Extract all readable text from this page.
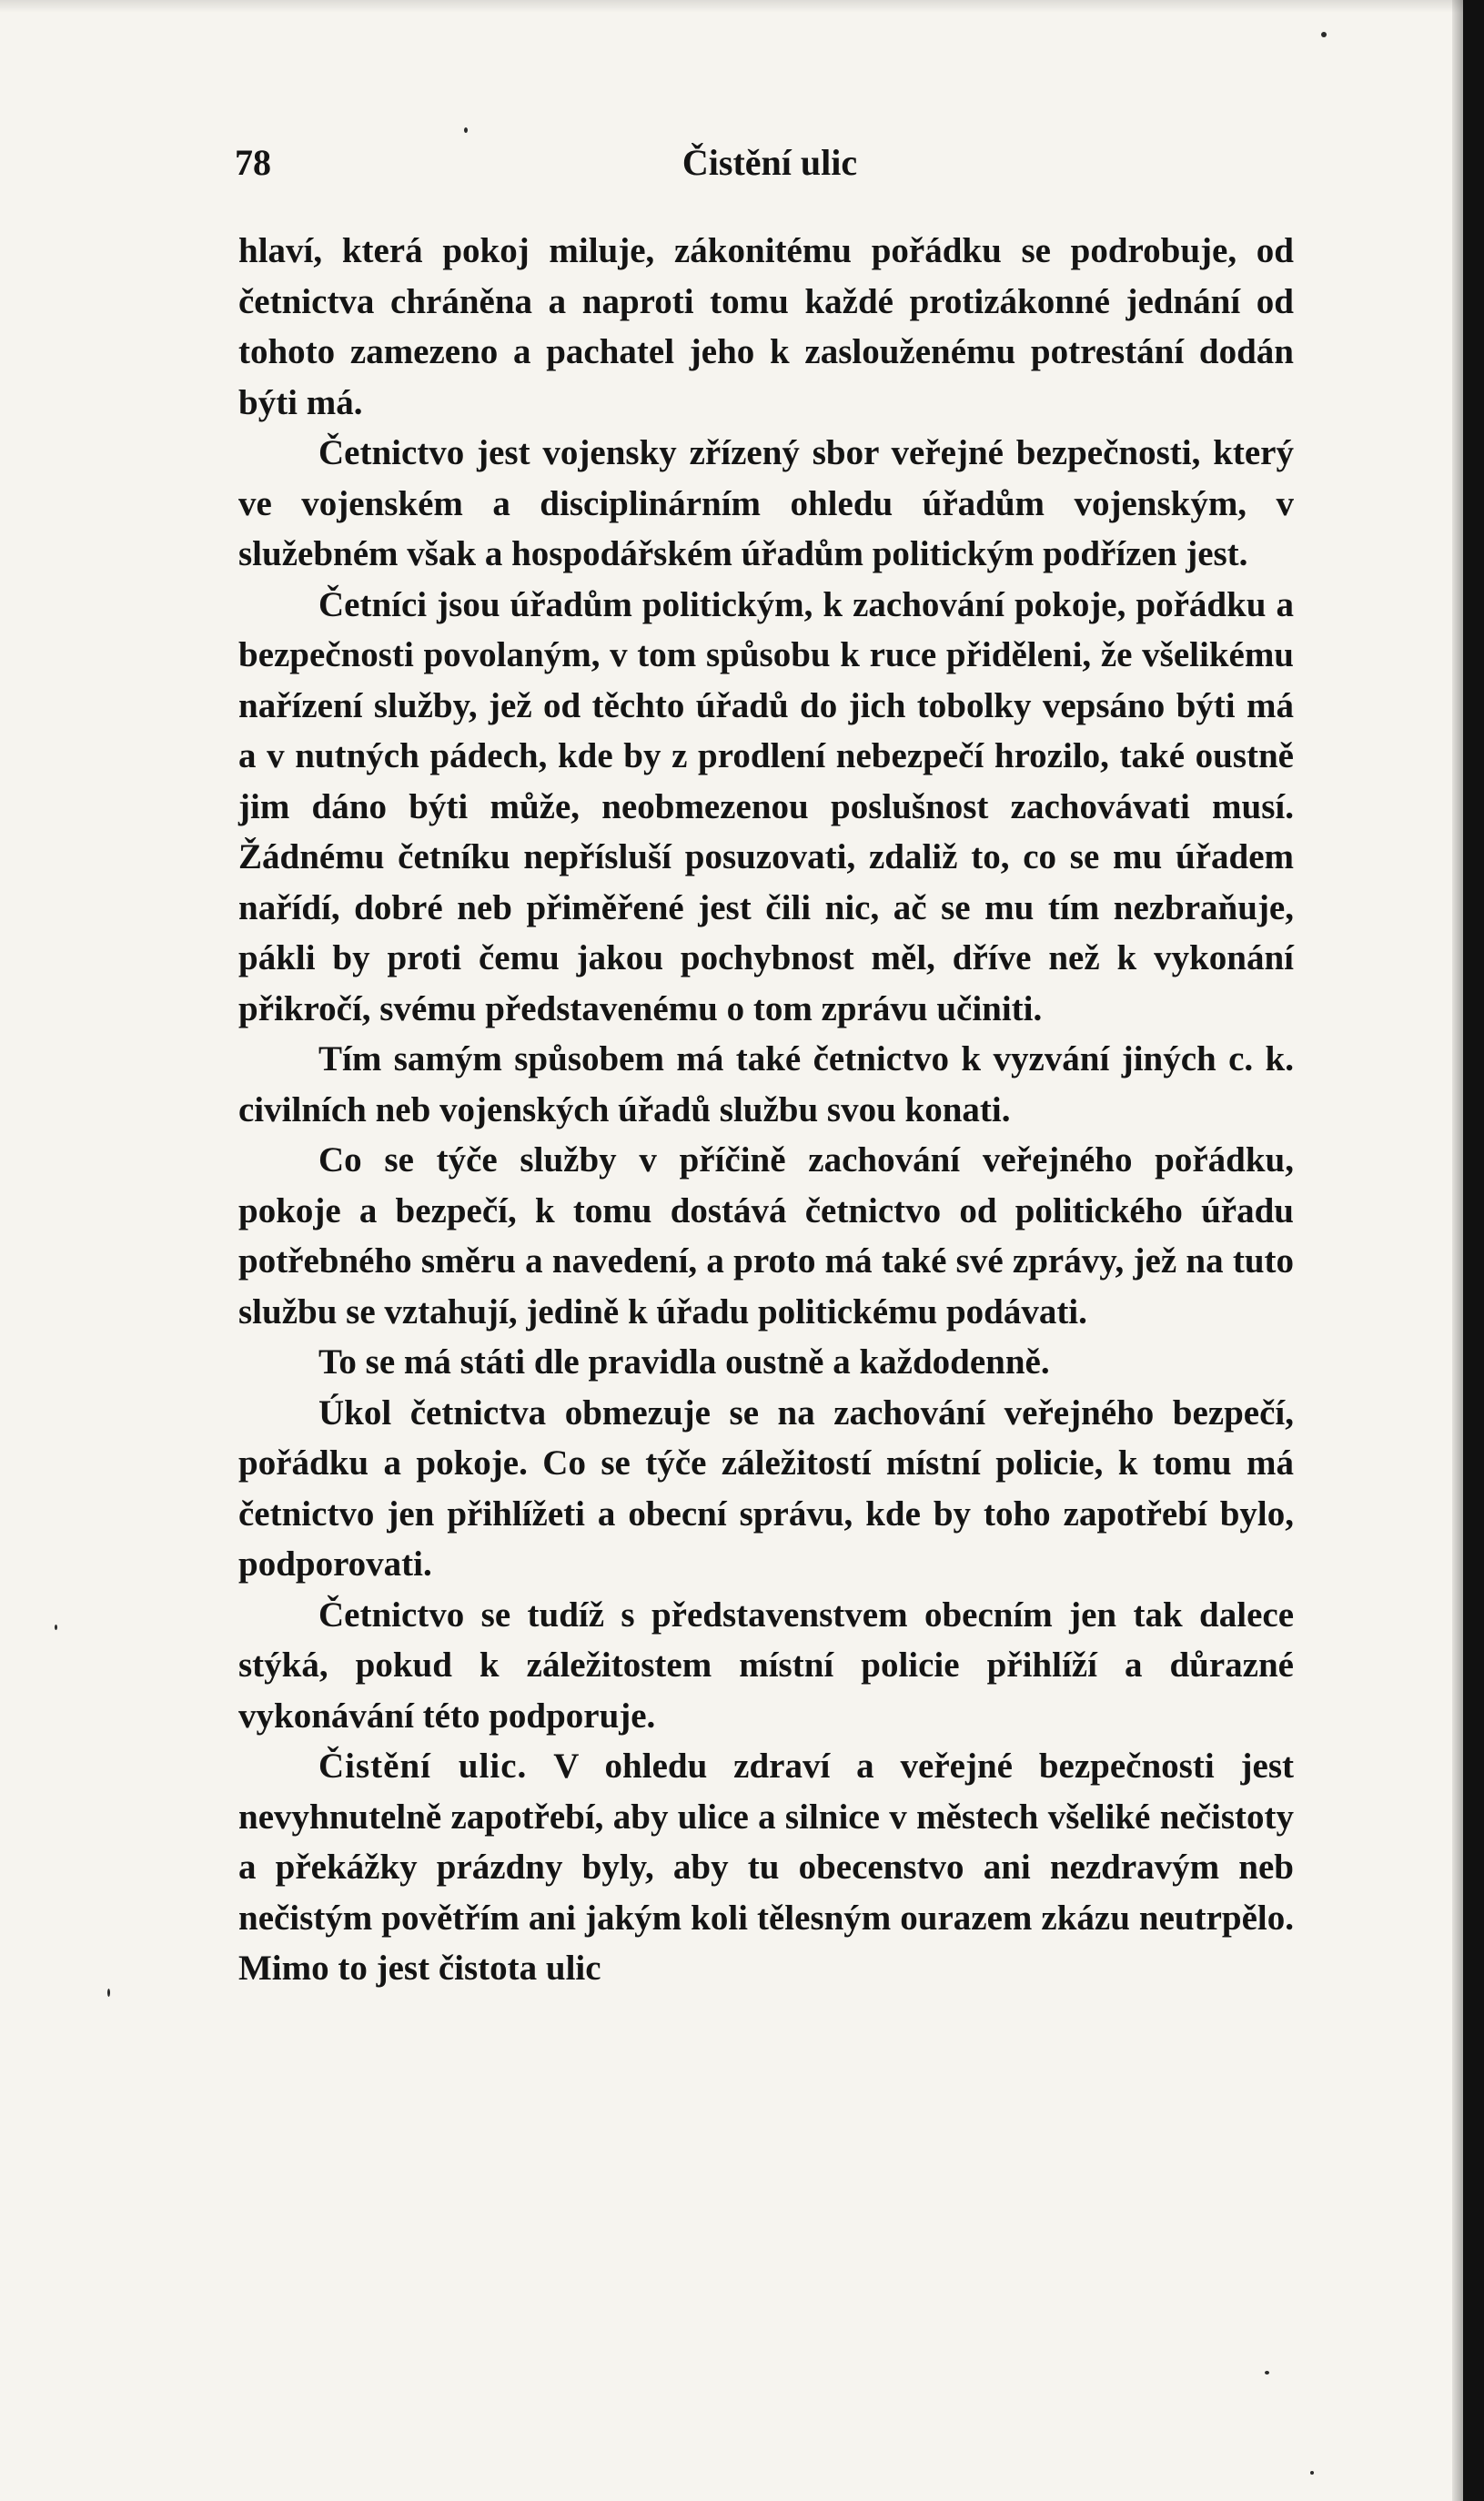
78	Čistění ulic

hlaví, která pokoj miluje, zákonitému pořádku se podrobuje, od četnictva chráněna a naproti tomu každé protizákonné jednání od tohoto zamezeno a pachatel jeho k zaslouženému potrestání dodán býti má.

Četnictvo jest vojensky zřízený sbor veřejné bezpečnosti, který ve vojenském a disciplinárním ohledu úřadům vojenským, v služebném však a hospodářském úřadům politickým podřízen jest.

Četníci jsou úřadům politickým, k zachování pokoje, pořádku a bezpečnosti povolaným, v tom spůsobu k ruce přiděleni, že všelikému nařízení služby, jež od těchto úřadů do jich tobolky vepsáno býti má a v nutných pádech, kde by z prodlení nebezpečí hrozilo, také oustně jim dáno býti může, neobmezenou poslušnost zachovávati musí. Žádnému četníku nepřísluší posuzovati, zdaliž to, co se mu úřadem nařídí, dobré neb přiměřené jest čili nic, ač se mu tím nezbraňuje, pákli by proti čemu jakou pochybnost měl, dříve než k vykonání přikročí, svému představenému o tom zprávu učiniti.

Tím samým spůsobem má také četnictvo k vyzvání jiných c. k. civilních neb vojenských úřadů službu svou konati.

Co se týče služby v příčině zachování veřejného pořádku, pokoje a bezpečí, k tomu dostává četnictvo od politického úřadu potřebného směru a navedení, a proto má také své zprávy, jež na tuto službu se vztahují, jedině k úřadu politickému podávati.

To se má státi dle pravidla oustně a každodenně.

Úkol četnictva obmezuje se na zachování veřejného bezpečí, pořádku a pokoje. Co se týče záležitostí místní policie, k tomu má četnictvo jen přihlížeti a obecní správu, kde by toho zapotřebí bylo, podporovati.

Četnictvo se tudíž s představenstvem obecním jen tak dalece stýká, pokud k záležitostem místní policie přihlíží a důrazné vykonávání této podporuje.

Čistění ulic. V ohledu zdraví a veřejné bezpečnosti jest nevyhnutelně zapotřebí, aby ulice a silnice v městech všeliké nečistoty a překážky prázdny byly, aby tu obecenstvo ani nezdravým neb nečistým povětřím ani jakým koli tělesným ourazem zkázu neutrpělo. Mimo to jest čistota ulic
